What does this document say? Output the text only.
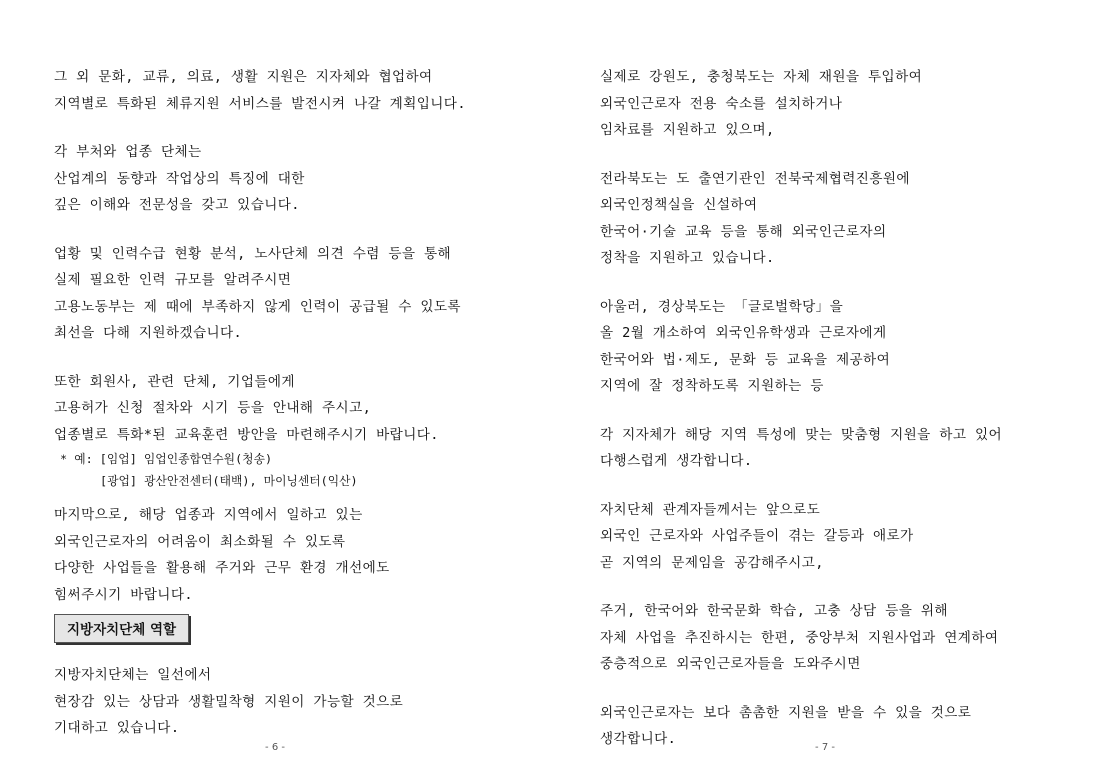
그 외 문화, 교류, 의료, 생활 지원은 지자체와 협업하여
지역별로 특화된 체류지원 서비스를 발전시켜 나갈 계획입니다.
각 부처와 업종 단체는
산업계의 동향과 작업상의 특징에 대한
깊은 이해와 전문성을 갖고 있습니다.
업황 및 인력수급 현황 분석, 노사단체 의견 수렴 등을 통해
실제 필요한 인력 규모를 알려주시면
고용노동부는 제 때에 부족하지 않게 인력이 공급될 수 있도록
최선을 다해 지원하겠습니다.
또한 회원사, 관련 단체, 기업들에게
고용허가 신청 절차와 시기 등을 안내해 주시고,
업종별로 특화*된 교육훈련 방안을 마련해주시기 바랍니다.
* 예: [임업] 임업인종합연수원(청송)
[광업] 광산안전센터(태백), 마이닝센터(익산)
마지막으로, 해당 업종과 지역에서 일하고 있는
외국인근로자의 어려움이 최소화될 수 있도록
다양한 사업들을 활용해 주거와 근무 환경 개선에도
힘써주시기 바랍니다.
지방자치단체 역할
지방자치단체는 일선에서
현장감 있는 상담과 생활밀착형 지원이 가능할 것으로
기대하고 있습니다.
- 6 -
실제로 강원도, 충청북도는 자체 재원을 투입하여
외국인근로자 전용 숙소를 설치하거나
임차료를 지원하고 있으며,
전라북도는 도 출연기관인 전북국제협력진흥원에
외국인정책실을 신설하여
한국어·기술 교육 등을 통해 외국인근로자의
정착을 지원하고 있습니다.
아울러, 경상북도는 「글로벌학당」을
올 2월 개소하여 외국인유학생과 근로자에게
한국어와 법·제도, 문화 등 교육을 제공하여
지역에 잘 정착하도록 지원하는 등
각 지자체가 해당 지역 특성에 맞는 맞춤형 지원을 하고 있어
다행스럽게 생각합니다.
자치단체 관계자들께서는 앞으로도
외국인 근로자와 사업주들이 겪는 갈등과 애로가
곧 지역의 문제임을 공감해주시고,
주거, 한국어와 한국문화 학습, 고충 상담 등을 위해
자체 사업을 추진하시는 한편, 중앙부처 지원사업과 연계하여
중층적으로 외국인근로자들을 도와주시면
외국인근로자는 보다 촘촘한 지원을 받을 수 있을 것으로
생각합니다.
- 7 -
